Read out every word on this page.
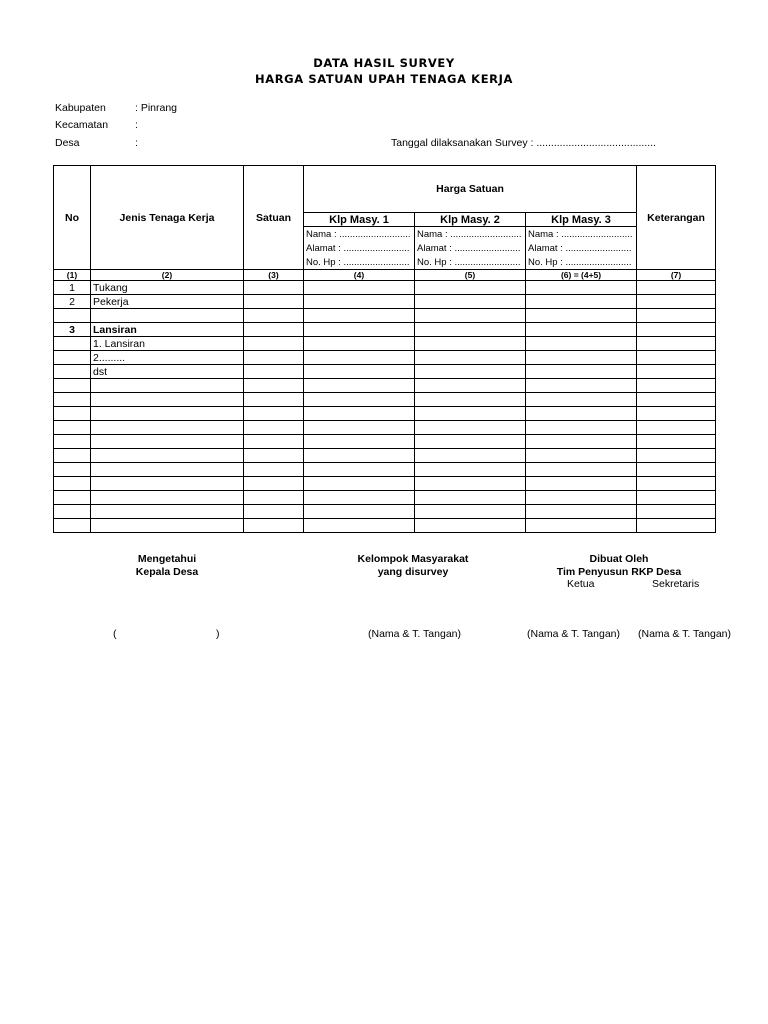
DATA HASIL SURVEY
HARGA SATUAN UPAH TENAGA KERJA
Kabupaten	: Pinrang
Kecamatan	:
Desa	:	Tanggal dilaksanakan Survey : .........................................
No	Jenis Tenaga Kerja	Satuan	Harga Satuan			Keterangan
			Klp Masy. 1	Klp Masy. 2	Klp Masy. 3	
			Nama : ...........................	Nama : ...........................	Nama : ...........................	
			Alamat : .........................	Alamat : .........................	Alamat : .........................	
			No. Hp : .........................	No. Hp : .........................	No. Hp : .........................	
(1)	(2)	(3)	(4)	(5)	(6) = (4+5)	(7)
1	Tukang					
2	Pekerja					

3	Lansiran					
	1. Lansiran					
	2.........					
	dst					

Mengetahui
Kepala Desa
Kelompok Masyarakat
yang disurvey
Dibuat Oleh
Tim Penyusun RKP Desa
Ketua	Sekretaris
(	)	(Nama & T. Tangan)	(Nama & T. Tangan) (Nama & T. Tangan)
